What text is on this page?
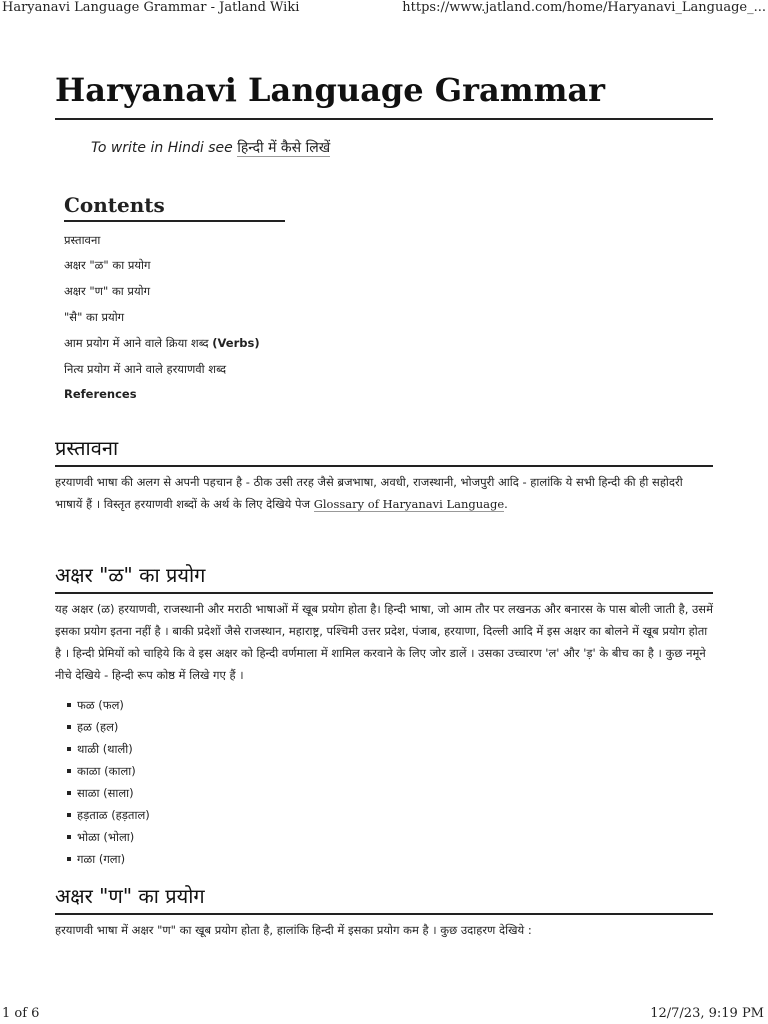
Haryanavi Language Grammar - Jatland Wiki	https://www.jatland.com/home/Haryanavi_Language_...
Haryanavi Language Grammar
To write in Hindi see हिन्दी में कैसे लिखें
Contents
प्रस्तावना
अक्षर "ळ" का प्रयोग
अक्षर "ण" का प्रयोग
"सै" का प्रयोग
आम प्रयोग में आने वाले क्रिया शब्द (Verbs)
नित्य प्रयोग में आने वाले हरयाणवी शब्द
References
प्रस्तावना

हरयाणवी भाषा की अलग से अपनी पहचान है - ठीक उसी तरह जैसे ब्रजभाषा, अवधी, राजस्थानी, भोजपुरी आदि - हालांकि ये सभी हिन्दी की ही सहोदरी भाषायें हैं । विस्तृत हरयाणवी शब्दों के अर्थ के लिए देखिये पेज Glossary of Haryanavi Language.

अक्षर "ळ" का प्रयोग

यह अक्षर (ळ) हरयाणवी, राजस्थानी और मराठी भाषाओं में खूब प्रयोग होता है। हिन्दी भाषा, जो आम तौर पर लखनऊ और बनारस के पास बोली जाती है, उसमें इसका प्रयोग इतना नहीं है । बाकी प्रदेशों जैसे राजस्थान, महाराष्ट्र, पश्चिमी उत्तर प्रदेश, पंजाब, हरयाणा, दिल्ली आदि में इस अक्षर का बोलने में खूब प्रयोग होता है । हिन्दी प्रेमियों को चाहिये कि वे इस अक्षर को हिन्दी वर्णमाला में शामिल करवाने के लिए जोर डालें । उसका उच्चारण 'ल' और 'ड़' के बीच का है । कुछ नमूने नीचे देखिये - हिन्दी रूप कोष्ठ में लिखे गए हैं ।

फळ (फल)
हळ (हल)
थाळी (थाली)
काळा (काला)
साळा (साला)
हड़ताळ (हड़ताल)
भोळा (भोला)
गळा (गला)
अक्षर "ण" का प्रयोग

हरयाणवी भाषा में अक्षर "ण" का खूब प्रयोग होता है, हालांकि हिन्दी में इसका प्रयोग कम है । कुछ उदाहरण देखिये :

1 of 6	12/7/23, 9:19 PM
